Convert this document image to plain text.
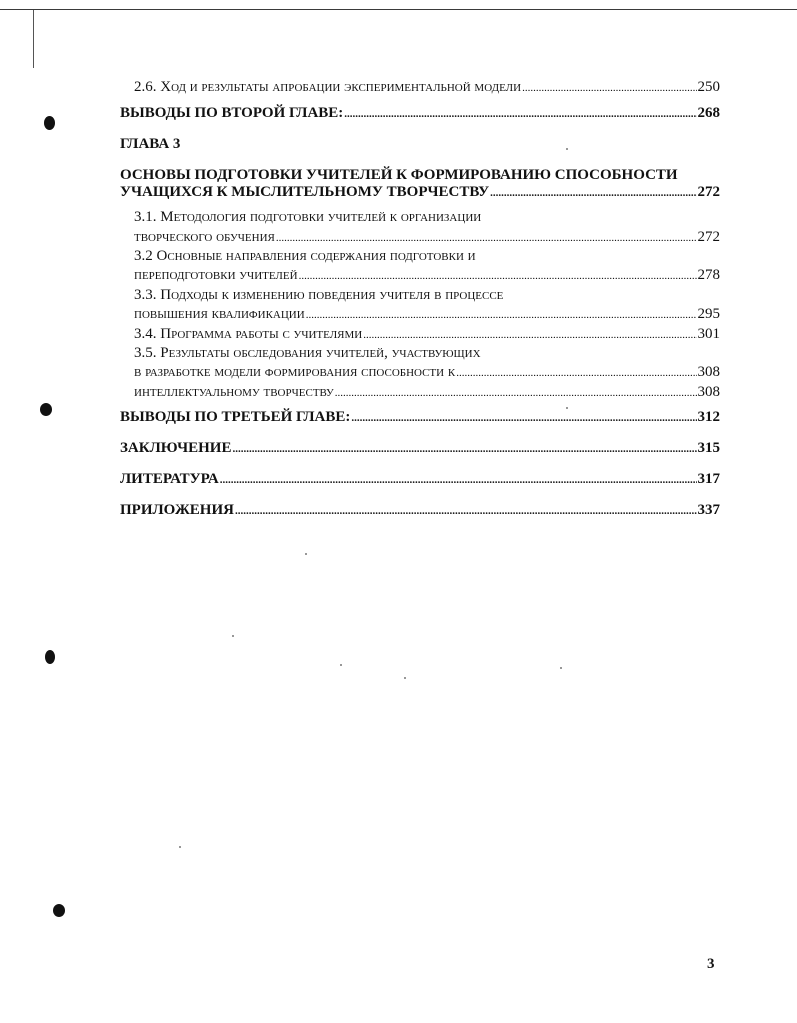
2.6. Ход и результаты апробации экспериментальной модели .....	250
ВЫВОДЫ ПО ВТОРОЙ ГЛАВЕ: .....	268
ГЛАВА 3
ОСНОВЫ ПОДГОТОВКИ УЧИТЕЛЕЙ К ФОРМИРОВАНИЮ СПОСОБНОСТИ
УЧАЩИХСЯ К МЫСЛИТЕЛЬНОМУ ТВОРЧЕСТВУ .....	272
3.1. Методология подготовки учителей к организации
творческого обучения .....	272
3.2 Основные направления содержания подготовки и
переподготовки учителей .....	278
3.3. Подходы к изменению поведения учителя в процессе
повышения квалификации .....	295
3.4. Программа работы с учителями .....	301
3.5. Результаты обследования учителей, участвующих
в разработке модели формирования способности к .....	308
интеллектуальному творчеству .....	308
ВЫВОДЫ ПО ТРЕТЬЕЙ ГЛАВЕ: .....	312
ЗАКЛЮЧЕНИЕ .....	315
ЛИТЕРАТУРА .....	317
ПРИЛОЖЕНИЯ .....	337
3
